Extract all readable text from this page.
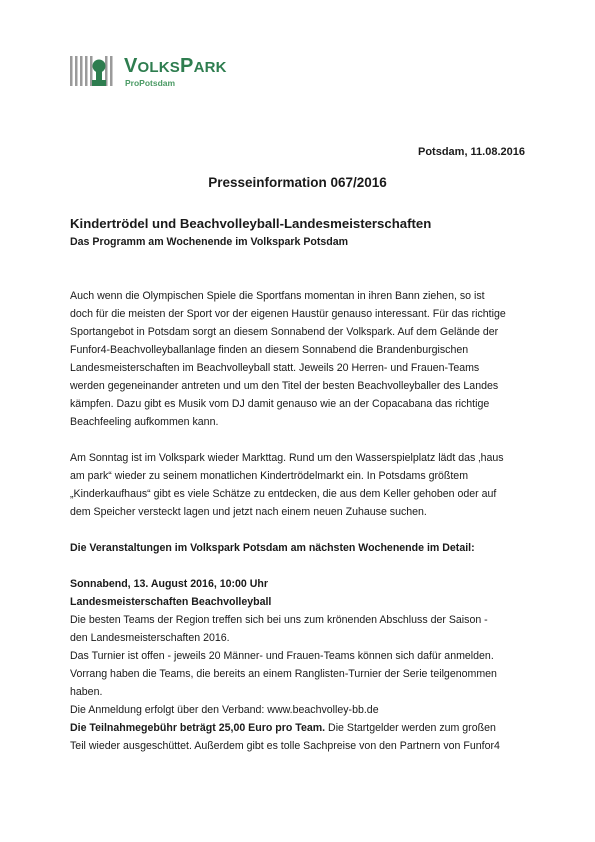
VOLKSPARK
ProPotsdam
Potsdam, 11.08.2016
Presseinformation 067/2016
Kindertrödel und Beachvolleyball-Landesmeisterschaften
Das Programm am Wochenende im Volkspark Potsdam

Auch wenn die Olympischen Spiele die Sportfans momentan in ihren Bann ziehen, so ist
doch für die meisten der Sport vor der eigenen Haustür genauso interessant. Für das richtige
Sportangebot in Potsdam sorgt an diesem Sonnabend der Volkspark. Auf dem Gelände der
Funfor4-Beachvolleyballanlage finden an diesem Sonnabend die Brandenburgischen
Landesmeisterschaften im Beachvolleyball statt. Jeweils 20 Herren- und Frauen-Teams
werden gegeneinander antreten und um den Titel der besten Beachvolleyballer des Landes
kämpfen. Dazu gibt es Musik vom DJ damit genauso wie an der Copacabana das richtige
Beachfeeling aufkommen kann.

Am Sonntag ist im Volkspark wieder Markttag. Rund um den Wasserspielplatz lädt das ‚haus
am park“ wieder zu seinem monatlichen Kindertrödelmarkt ein. In Potsdams größtem
„Kinderkaufhaus“ gibt es viele Schätze zu entdecken, die aus dem Keller gehoben oder auf
dem Speicher versteckt lagen und jetzt nach einem neuen Zuhause suchen.

Die Veranstaltungen im Volkspark Potsdam am nächsten Wochenende im Detail:
Sonnabend, 13. August 2016, 10:00 Uhr
Landesmeisterschaften Beachvolleyball
Die besten Teams der Region treffen sich bei uns zum krönenden Abschluss der Saison -
den Landesmeisterschaften 2016.
Das Turnier ist offen - jeweils 20 Männer- und Frauen-Teams können sich dafür anmelden.
Vorrang haben die Teams, die bereits an einem Ranglisten-Turnier der Serie teilgenommen
haben.
Die Anmeldung erfolgt über den Verband: www.beachvolley-bb.de
Die Teilnahmegebühr beträgt 25,00 Euro pro Team. Die Startgelder werden zum großen
Teil wieder ausgeschüttet. Außerdem gibt es tolle Sachpreise von den Partnern von Funfor4
